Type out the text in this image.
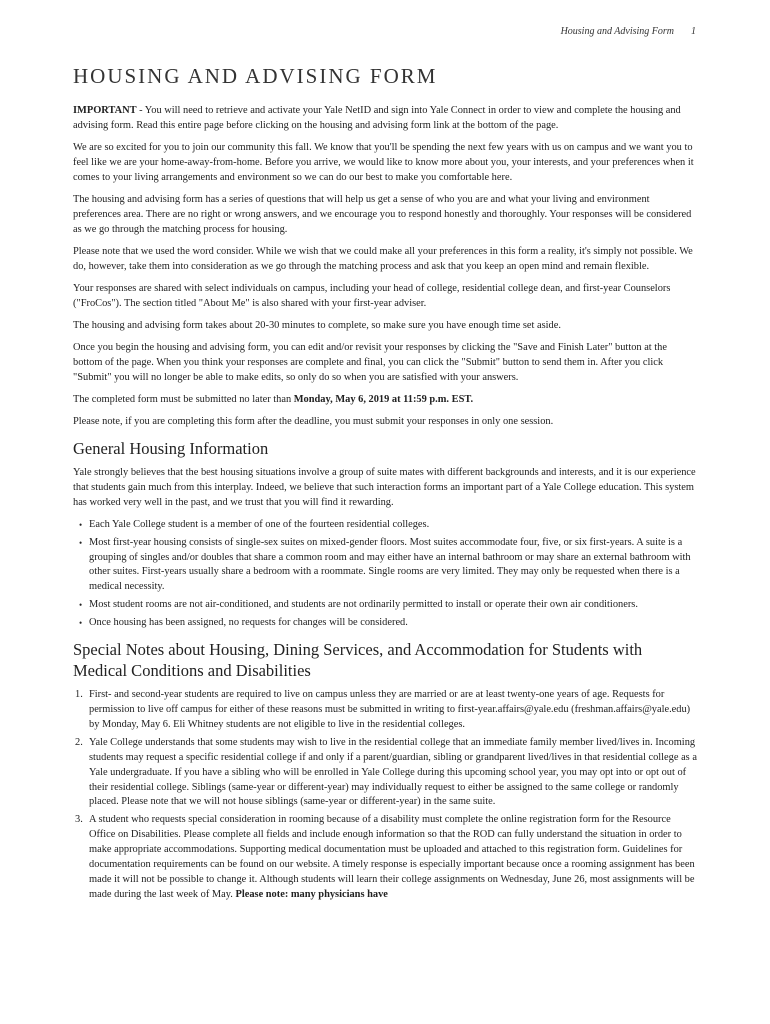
Housing and Advising Form	1
HOUSING AND ADVISING FORM

IMPORTANT - You will need to retrieve and activate your Yale NetID and sign into Yale Connect in order to view and complete the housing and advising form. Read this entire page before clicking on the housing and advising form link at the bottom of the page.

We are so excited for you to join our community this fall. We know that you'll be spending the next few years with us on campus and we want you to feel like we are your home-away-from-home. Before you arrive, we would like to know more about you, your interests, and your preferences when it comes to your living arrangements and environment so we can do our best to make you comfortable here.

The housing and advising form has a series of questions that will help us get a sense of who you are and what your living and environment preferences area. There are no right or wrong answers, and we encourage you to respond honestly and thoroughly. Your responses will be considered as we go through the matching process for housing.

Please note that we used the word consider. While we wish that we could make all your preferences in this form a reality, it's simply not possible. We do, however, take them into consideration as we go through the matching process and ask that you keep an open mind and remain flexible.

Your responses are shared with select individuals on campus, including your head of college, residential college dean, and first-year Counselors ("FroCos"). The section titled "About Me" is also shared with your first-year adviser.

The housing and advising form takes about 20-30 minutes to complete, so make sure you have enough time set aside.

Once you begin the housing and advising form, you can edit and/or revisit your responses by clicking the "Save and Finish Later" button at the bottom of the page. When you think your responses are complete and final, you can click the "Submit" button to send them in. After you click "Submit" you will no longer be able to make edits, so only do so when you are satisfied with your answers.

The completed form must be submitted no later than Monday, May 6, 2019 at 11:59 p.m. EST.

Please note, if you are completing this form after the deadline, you must submit your responses in only one session.

General Housing Information

Yale strongly believes that the best housing situations involve a group of suite mates with different backgrounds and interests, and it is our experience that students gain much from this interplay. Indeed, we believe that such interaction forms an important part of a Yale College education. This system has worked very well in the past, and we trust that you will find it rewarding.

• Each Yale College student is a member of one of the fourteen residential colleges.
• Most first-year housing consists of single-sex suites on mixed-gender floors. Most suites accommodate four, five, or six first-years. A suite is a grouping of singles and/or doubles that share a common room and may either have an internal bathroom or may share an external bathroom with other suites. First-years usually share a bedroom with a roommate. Single rooms are very limited. They may only be requested when there is a medical necessity.
• Most student rooms are not air-conditioned, and students are not ordinarily permitted to install or operate their own air conditioners.
• Once housing has been assigned, no requests for changes will be considered.
Special Notes about Housing, Dining Services, and Accommodation for Students with Medical Conditions and Disabilities
1. First- and second-year students are required to live on campus unless they are married or are at least twenty-one years of age. Requests for permission to live off campus for either of these reasons must be submitted in writing to first-year.affairs@yale.edu (freshman.affairs@yale.edu) by Monday, May 6. Eli Whitney students are not eligible to live in the residential colleges.
2. Yale College understands that some students may wish to live in the residential college that an immediate family member lived/lives in. Incoming students may request a specific residential college if and only if a parent/guardian, sibling or grandparent lived/lives in that residential college as a Yale undergraduate. If you have a sibling who will be enrolled in Yale College during this upcoming school year, you may opt into or opt out of their residential college. Siblings (same-year or different-year) may individually request to either be assigned to the same college or randomly placed. Please note that we will not house siblings (same-year or different-year) in the same suite.
3. A student who requests special consideration in rooming because of a disability must complete the online registration form for the Resource Office on Disabilities. Please complete all fields and include enough information so that the ROD can fully understand the situation in order to make appropriate accommodations. Supporting medical documentation must be uploaded and attached to this registration form. Guidelines for documentation requirements can be found on our website. A timely response is especially important because once a rooming assignment has been made it will not be possible to change it. Although students will learn their college assignments on Wednesday, June 26, most assignments will be made during the last week of May. Please note: many physicians have
